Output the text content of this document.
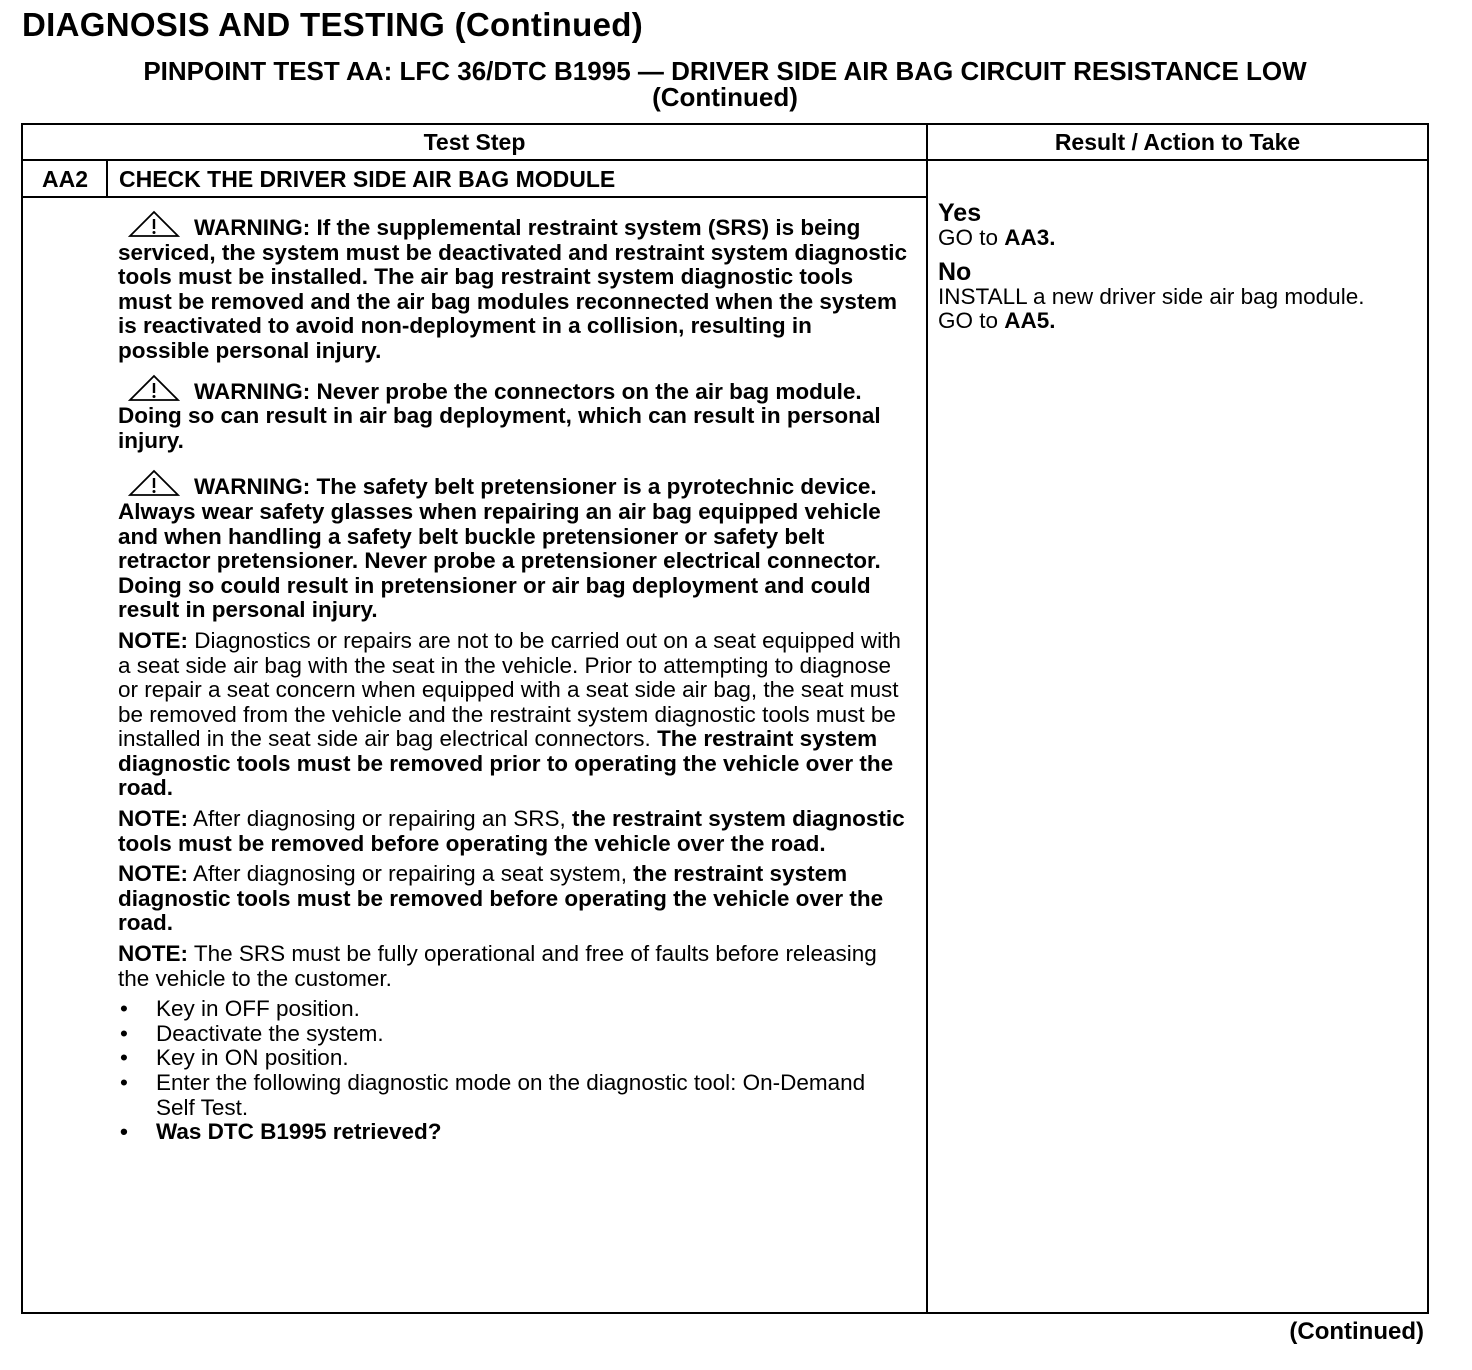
DIAGNOSIS AND TESTING (Continued)
PINPOINT TEST AA: LFC 36/DTC B1995 — DRIVER SIDE AIR BAG CIRCUIT RESISTANCE LOW
(Continued)
Test Step	Result / Action to Take
AA2	CHECK THE DRIVER SIDE AIR BAG MODULE

WARNING: If the supplemental restraint system (SRS) is being serviced, the system must be deactivated and restraint system diagnostic tools must be installed. The air bag restraint system diagnostic tools must be removed and the air bag modules reconnected when the system is reactivated to avoid non-deployment in a collision, resulting in possible personal injury.

WARNING: Never probe the connectors on the air bag module. Doing so can result in air bag deployment, which can result in personal injury.

WARNING: The safety belt pretensioner is a pyrotechnic device. Always wear safety glasses when repairing an air bag equipped vehicle and when handling a safety belt buckle pretensioner or safety belt retractor pretensioner. Never probe a pretensioner electrical connector. Doing so could result in pretensioner or air bag deployment and could result in personal injury.

NOTE: Diagnostics or repairs are not to be carried out on a seat equipped with a seat side air bag with the seat in the vehicle. Prior to attempting to diagnose or repair a seat concern when equipped with a seat side air bag, the seat must be removed from the vehicle and the restraint system diagnostic tools must be installed in the seat side air bag electrical connectors. The restraint system diagnostic tools must be removed prior to operating the vehicle over the road.

NOTE: After diagnosing or repairing an SRS, the restraint system diagnostic tools must be removed before operating the vehicle over the road.

NOTE: After diagnosing or repairing a seat system, the restraint system diagnostic tools must be removed before operating the vehicle over the road.

NOTE: The SRS must be fully operational and free of faults before releasing the vehicle to the customer.

• Key in OFF position.
• Deactivate the system.
• Key in ON position.
• Enter the following diagnostic mode on the diagnostic tool: On-Demand Self Test.
• Was DTC B1995 retrieved?
Yes
GO to AA3.
No
INSTALL a new driver side air bag module. GO to AA5.
(Continued)
